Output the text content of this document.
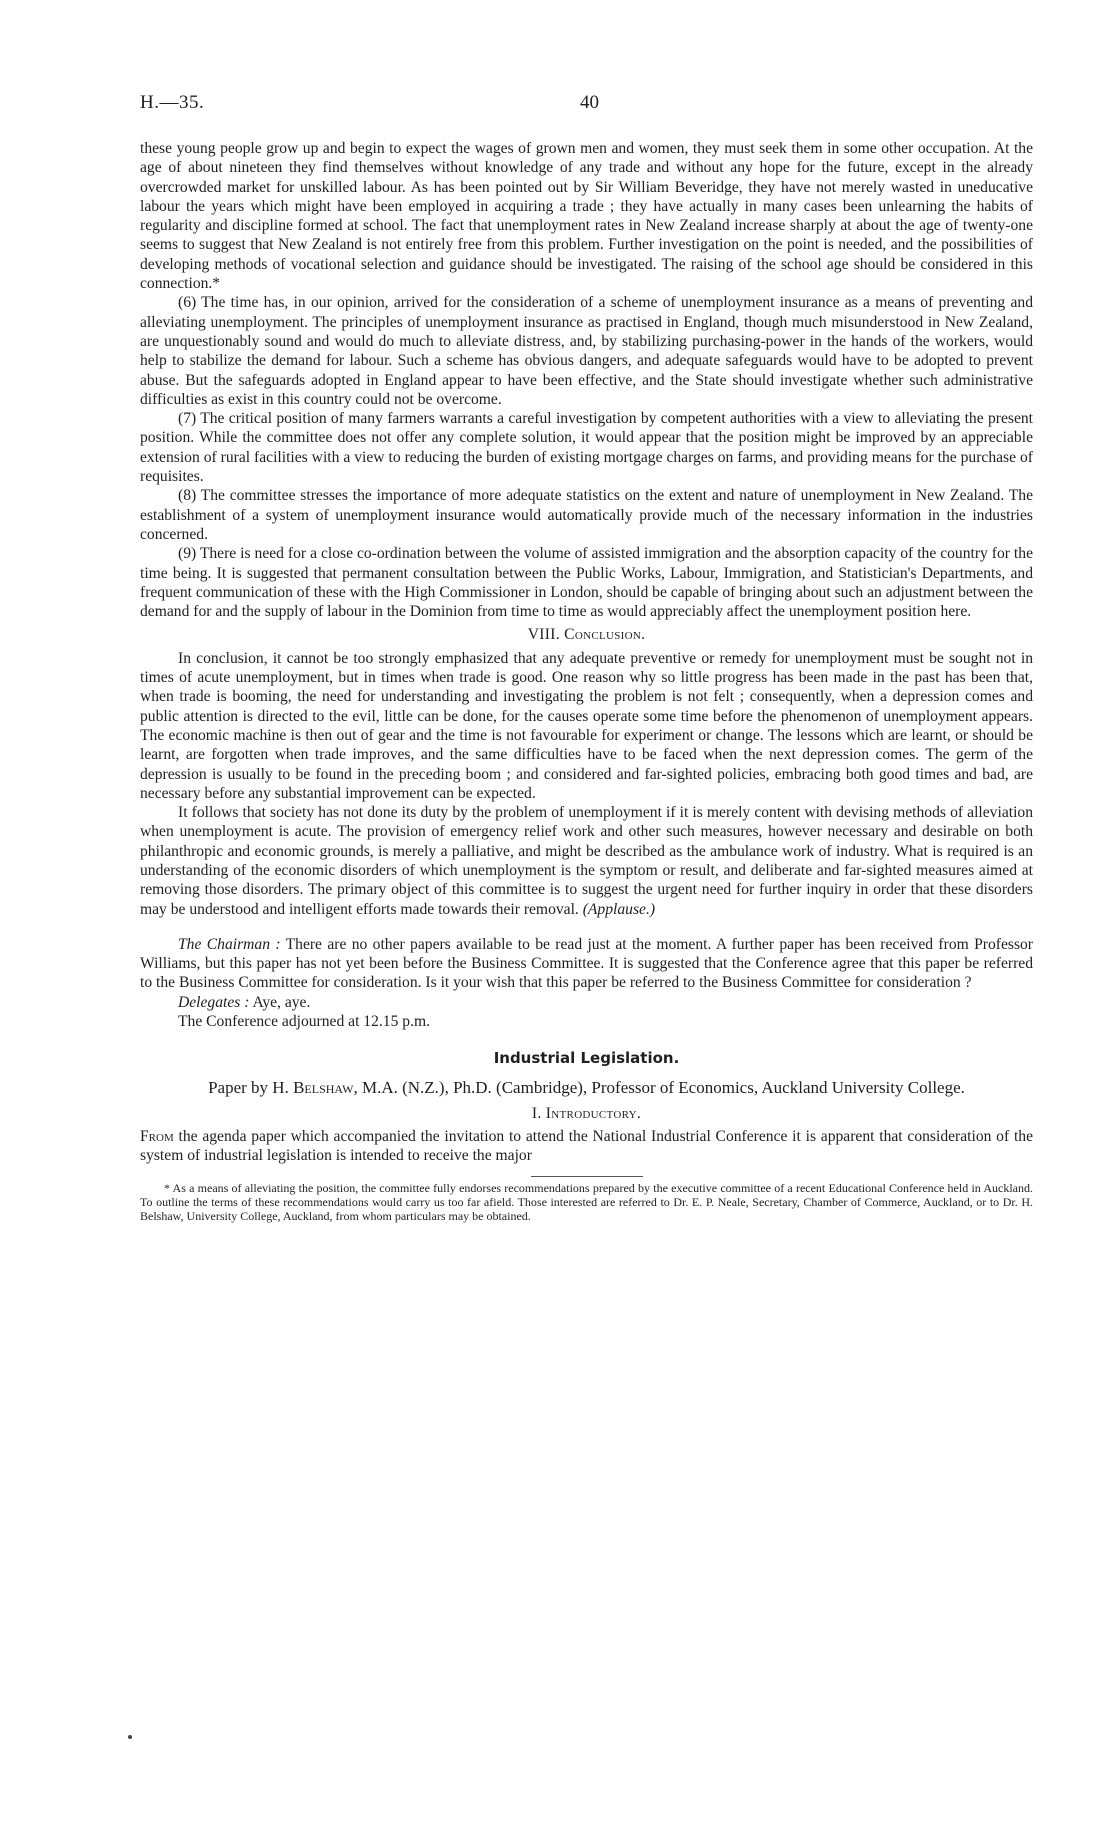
H.—35.	40

these young people grow up and begin to expect the wages of grown men and women, they must seek them in some other occupation. At the age of about nineteen they find themselves without knowledge of any trade and without any hope for the future, except in the already overcrowded market for unskilled labour. As has been pointed out by Sir William Beveridge, they have not merely wasted in uneducative labour the years which might have been employed in acquiring a trade ; they have actually in many cases been unlearning the habits of regularity and discipline formed at school. The fact that unemployment rates in New Zealand increase sharply at about the age of twenty-one seems to suggest that New Zealand is not entirely free from this problem. Further investigation on the point is needed, and the possibilities of developing methods of vocational selection and guidance should be investigated. The raising of the school age should be considered in this connection.*

(6) The time has, in our opinion, arrived for the consideration of a scheme of unemployment insurance as a means of preventing and alleviating unemployment. The principles of unemployment insurance as practised in England, though much misunderstood in New Zealand, are unquestionably sound and would do much to alleviate distress, and, by stabilizing purchasing-power in the hands of the workers, would help to stabilize the demand for labour. Such a scheme has obvious dangers, and adequate safeguards would have to be adopted to prevent abuse. But the safeguards adopted in England appear to have been effective, and the State should investigate whether such administrative difficulties as exist in this country could not be overcome.

(7) The critical position of many farmers warrants a careful investigation by competent authorities with a view to alleviating the present position. While the committee does not offer any complete solution, it would appear that the position might be improved by an appreciable extension of rural facilities with a view to reducing the burden of existing mortgage charges on farms, and providing means for the purchase of requisites.

(8) The committee stresses the importance of more adequate statistics on the extent and nature of unemployment in New Zealand. The establishment of a system of unemployment insurance would automatically provide much of the necessary information in the industries concerned.

(9) There is need for a close co-ordination between the volume of assisted immigration and the absorption capacity of the country for the time being. It is suggested that permanent consultation between the Public Works, Labour, Immigration, and Statistician's Departments, and frequent communication of these with the High Commissioner in London, should be capable of bringing about such an adjustment between the demand for and the supply of labour in the Dominion from time to time as would appreciably affect the unemployment position here.

VIII. Conclusion.

In conclusion, it cannot be too strongly emphasized that any adequate preventive or remedy for unemployment must be sought not in times of acute unemployment, but in times when trade is good. One reason why so little progress has been made in the past has been that, when trade is booming, the need for understanding and investigating the problem is not felt ; consequently, when a depression comes and public attention is directed to the evil, little can be done, for the causes operate some time before the phenomenon of unemployment appears. The economic machine is then out of gear and the time is not favourable for experiment or change. The lessons which are learnt, or should be learnt, are forgotten when trade improves, and the same difficulties have to be faced when the next depression comes. The germ of the depression is usually to be found in the preceding boom ; and considered and far-sighted policies, embracing both good times and bad, are necessary before any substantial improvement can be expected.

It follows that society has not done its duty by the problem of unemployment if it is merely content with devising methods of alleviation when unemployment is acute. The provision of emergency relief work and other such measures, however necessary and desirable on both philanthropic and economic grounds, is merely a palliative, and might be described as the ambulance work of industry. What is required is an understanding of the economic disorders of which unemployment is the symptom or result, and deliberate and far-sighted measures aimed at removing those disorders. The primary object of this committee is to suggest the urgent need for further inquiry in order that these disorders may be understood and intelligent efforts made towards their removal. (Applause.)

The Chairman : There are no other papers available to be read just at the moment. A further paper has been received from Professor Williams, but this paper has not yet been before the Business Committee. It is suggested that the Conference agree that this paper be referred to the Business Committee for consideration. Is it your wish that this paper be referred to the Business Committee for consideration ?

Delegates : Aye, aye.

The Conference adjourned at 12.15 p.m.

Industrial Legislation.

Paper by H. Belshaw, M.A. (N.Z.), Ph.D. (Cambridge), Professor of Economics, Auckland University College.

I. Introductory.

From the agenda paper which accompanied the invitation to attend the National Industrial Conference it is apparent that consideration of the system of industrial legislation is intended to receive the major

* As a means of alleviating the position, the committee fully endorses recommendations prepared by the executive committee of a recent Educational Conference held in Auckland. To outline the terms of these recommendations would carry us too far afield. Those interested are referred to Dr. E. P. Neale, Secretary, Chamber of Commerce, Auckland, or to Dr. H. Belshaw, University College, Auckland, from whom particulars may be obtained.
